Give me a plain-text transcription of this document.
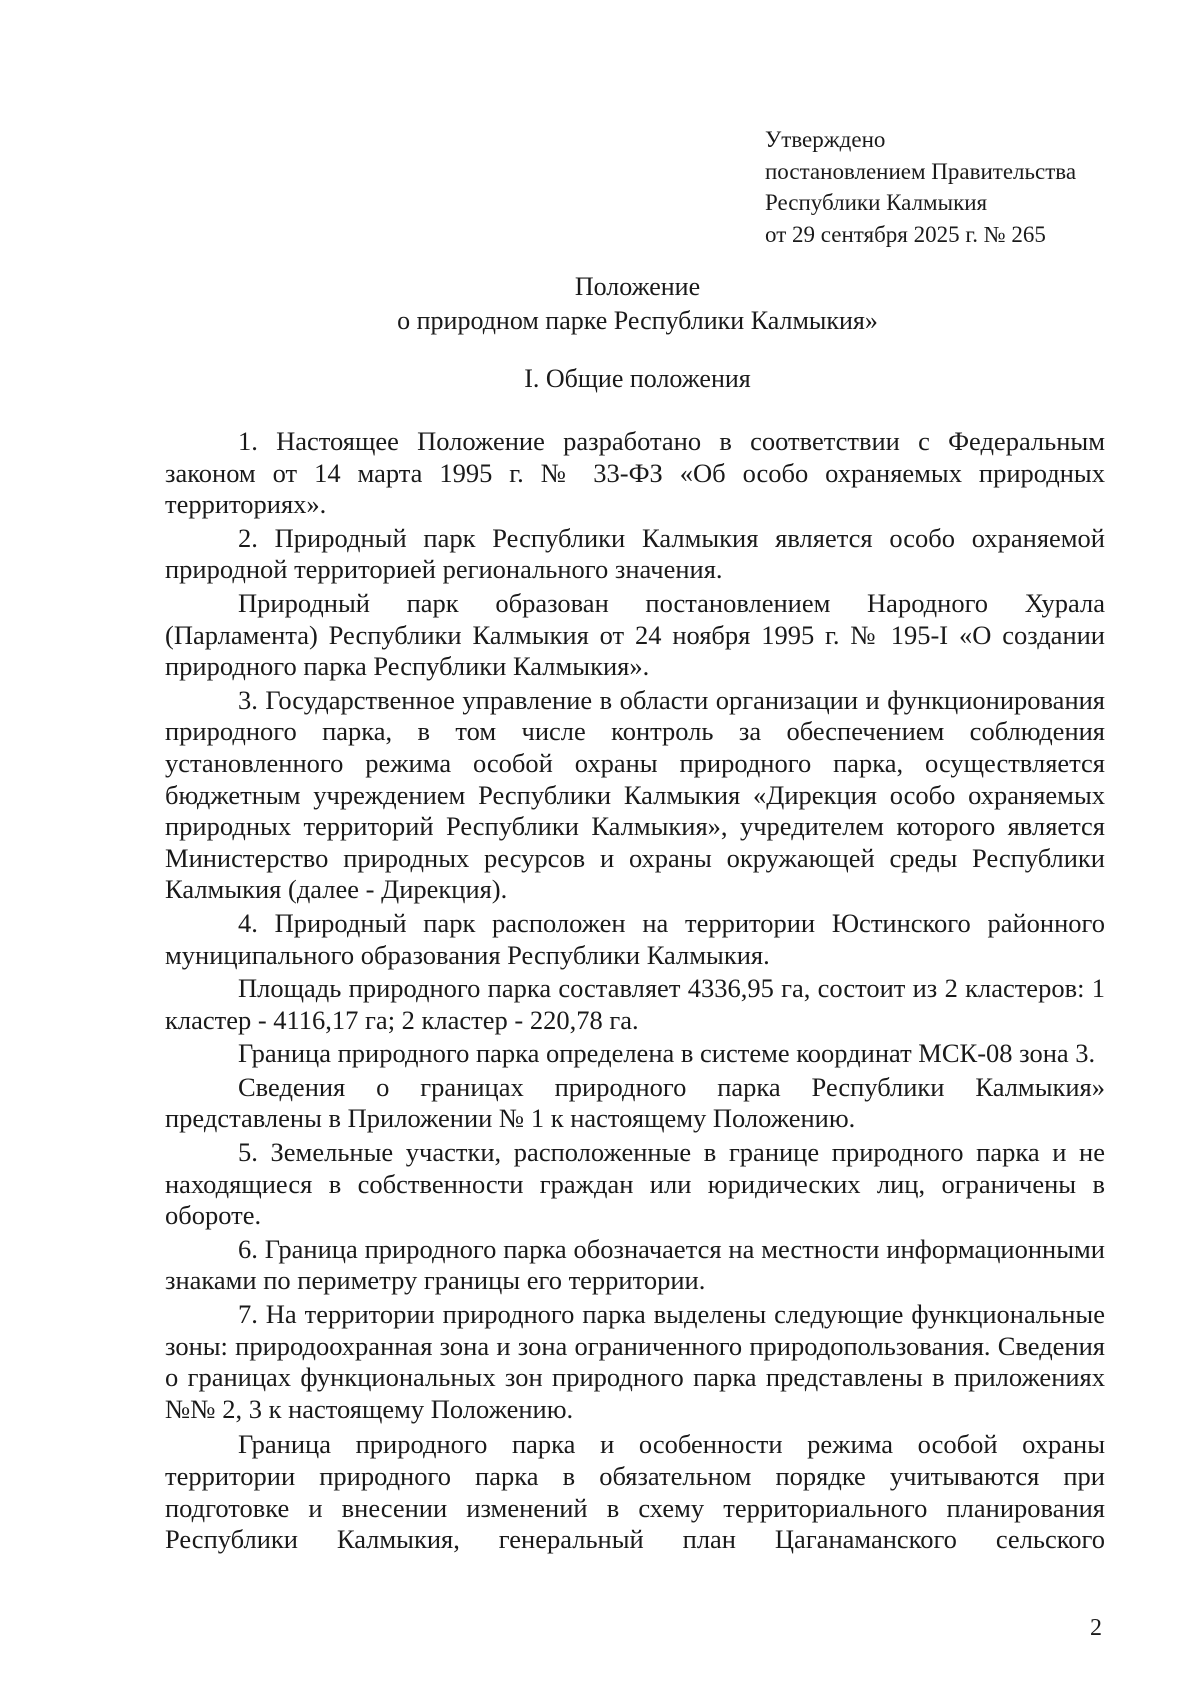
Утверждено
постановлением Правительства
Республики Калмыкия
от 29 сентября 2025 г. № 265
Положение
о природном парке Республики Калмыкия»
I. Общие положения

1. Настоящее Положение разработано в соответствии с Федеральным законом от 14 марта 1995 г. № 33-ФЗ «Об особо охраняемых природных территориях».

2. Природный парк Республики Калмыкия является особо охраняемой природной территорией регионального значения.

Природный парк образован постановлением Народного Хурала (Парламента) Республики Калмыкия от 24 ноября 1995 г. № 195-I «О создании природного парка Республики Калмыкия».

3. Государственное управление в области организации и функционирования природного парка, в том числе контроль за обеспечением соблюдения установленного режима особой охраны природного парка, осуществляется бюджетным учреждением Республики Калмыкия «Дирекция особо охраняемых природных территорий Республики Калмыкия», учредителем которого является Министерство природных ресурсов и охраны окружающей среды Республики Калмыкия (далее - Дирекция).

4. Природный парк расположен на территории Юстинского районного муниципального образования Республики Калмыкия.

Площадь природного парка составляет 4336,95 га, состоит из 2 кластеров: 1 кластер - 4116,17 га; 2 кластер - 220,78 га.

Граница природного парка определена в системе координат МСК-08 зона 3.

Сведения о границах природного парка Республики Калмыкия» представлены в Приложении № 1 к настоящему Положению.

5. Земельные участки, расположенные в границе природного парка и не находящиеся в собственности граждан или юридических лиц, ограничены в обороте.

6. Граница природного парка обозначается на местности информационными знаками по периметру границы его территории.

7. На территории природного парка выделены следующие функциональные зоны: природоохранная зона и зона ограниченного природопользования. Сведения о границах функциональных зон природного парка представлены в приложениях №№ 2, 3 к настоящему Положению.

Граница природного парка и особенности режима особой охраны территории природного парка в обязательном порядке учитываются при подготовке и внесении изменений в схему территориального планирования Республики Калмыкия, генеральный план Цаганаманского сельского

2
